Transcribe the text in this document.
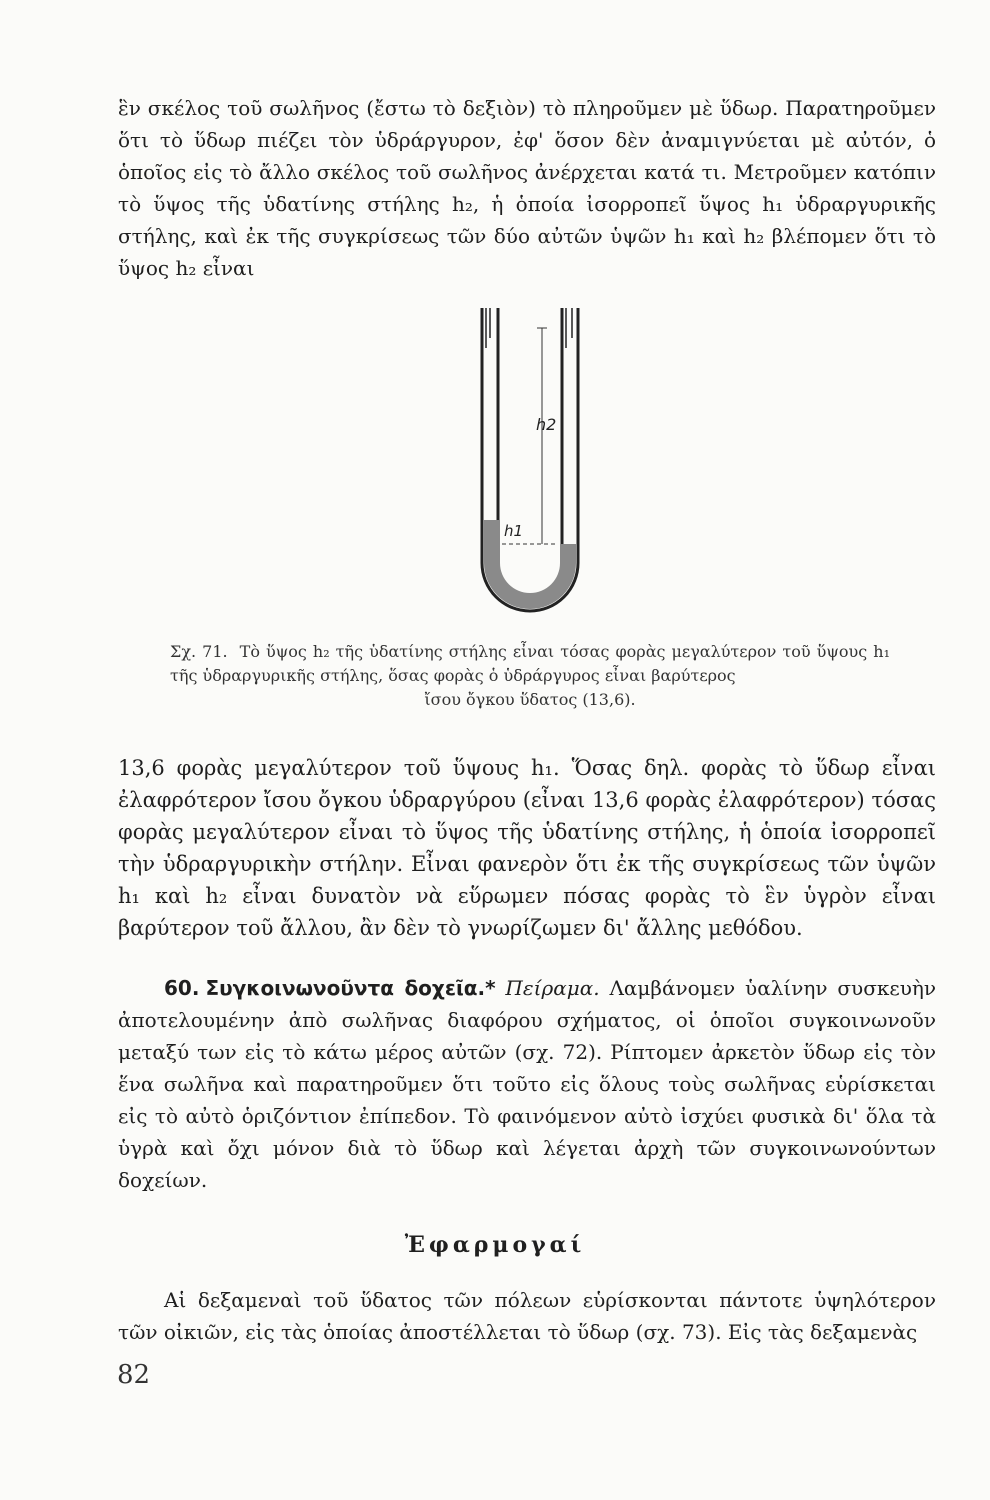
ἓν σκέλος τοῦ σωλῆνος (ἔστω τὸ δεξιὸν) τὸ πληροῦμεν μὲ ὕδωρ. Παρατηροῦμεν ὅτι τὸ ὕδωρ πιέζει τὸν ὑδράργυρον, ἐφ' ὅσον δὲν ἀναμιγνύεται μὲ αὐτόν, ὁ ὁποῖος εἰς τὸ ἄλλο σκέλος τοῦ σωλῆνος ἀνέρχεται κατά τι. Μετροῦμεν κατόπιν τὸ ὕψος τῆς ὑδατίνης στήλης h₂, ἡ ὁποία ἰσορροπεῖ ὕψος h₁ ὑδραργυρικῆς στήλης, καὶ ἐκ τῆς συγκρίσεως τῶν δύο αὐτῶν ὑψῶν h₁ καὶ h₂ βλέπομεν ὅτι τὸ ὕψος h₂ εἶναι

h2
h1

Σχ. 71. Τὸ ὕψος h₂ τῆς ὑδατίνης στήλης εἶναι τόσας φορὰς μεγαλύτερον τοῦ ὕψους h₁ τῆς ὑδραργυρικῆς στήλης, ὅσας φορὰς ὁ ὑδράργυρος εἶναι βαρύτερος

ἴσου ὄγκου ὕδατος (13,6).

13,6 φορὰς μεγαλύτερον τοῦ ὕψους h₁. Ὅσας δηλ. φορὰς τὸ ὕδωρ εἶναι ἐλαφρότερον ἴσου ὄγκου ὑδραργύρου (εἶναι 13,6 φορὰς ἐλαφρότερον) τόσας φορὰς μεγαλύτερον εἶναι τὸ ὕψος τῆς ὑδατίνης στήλης, ἡ ὁποία ἰσορροπεῖ τὴν ὑδραργυρικὴν στήλην. Εἶναι φανερὸν ὅτι ἐκ τῆς συγκρίσεως τῶν ὑψῶν h₁ καὶ h₂ εἶναι δυνατὸν νὰ εὕρωμεν πόσας φορὰς τὸ ἓν ὑγρὸν εἶναι βαρύτερον τοῦ ἄλλου, ἂν δὲν τὸ γνωρίζωμεν δι' ἄλλης μεθόδου.

60. Συγκοινωνοῦντα δοχεῖα.* Πείραμα. Λαμβάνομεν ὑαλίνην συσκευὴν ἀποτελουμένην ἀπὸ σωλῆνας διαφόρου σχήματος, οἱ ὁποῖοι συγκοινωνοῦν μεταξύ των εἰς τὸ κάτω μέρος αὐτῶν (σχ. 72). Ρίπτομεν ἀρκετὸν ὕδωρ εἰς τὸν ἕνα σωλῆνα καὶ παρατηροῦμεν ὅτι τοῦτο εἰς ὅλους τοὺς σωλῆνας εὑρίσκεται εἰς τὸ αὐτὸ ὁριζόντιον ἐπίπεδον. Τὸ φαινόμενον αὐτὸ ἰσχύει φυσικὰ δι' ὅλα τὰ ὑγρὰ καὶ ὄχι μόνον διὰ τὸ ὕδωρ καὶ λέγεται ἀρχὴ τῶν συγκοινωνούντων δοχείων.

Ἐφαρμογαί

Αἱ δεξαμεναὶ τοῦ ὕδατος τῶν πόλεων εὑρίσκονται πάντοτε ὑψηλότερον τῶν οἰκιῶν, εἰς τὰς ὁποίας ἀποστέλλεται τὸ ὕδωρ (σχ. 73). Εἰς τὰς δεξαμενὰς

82
